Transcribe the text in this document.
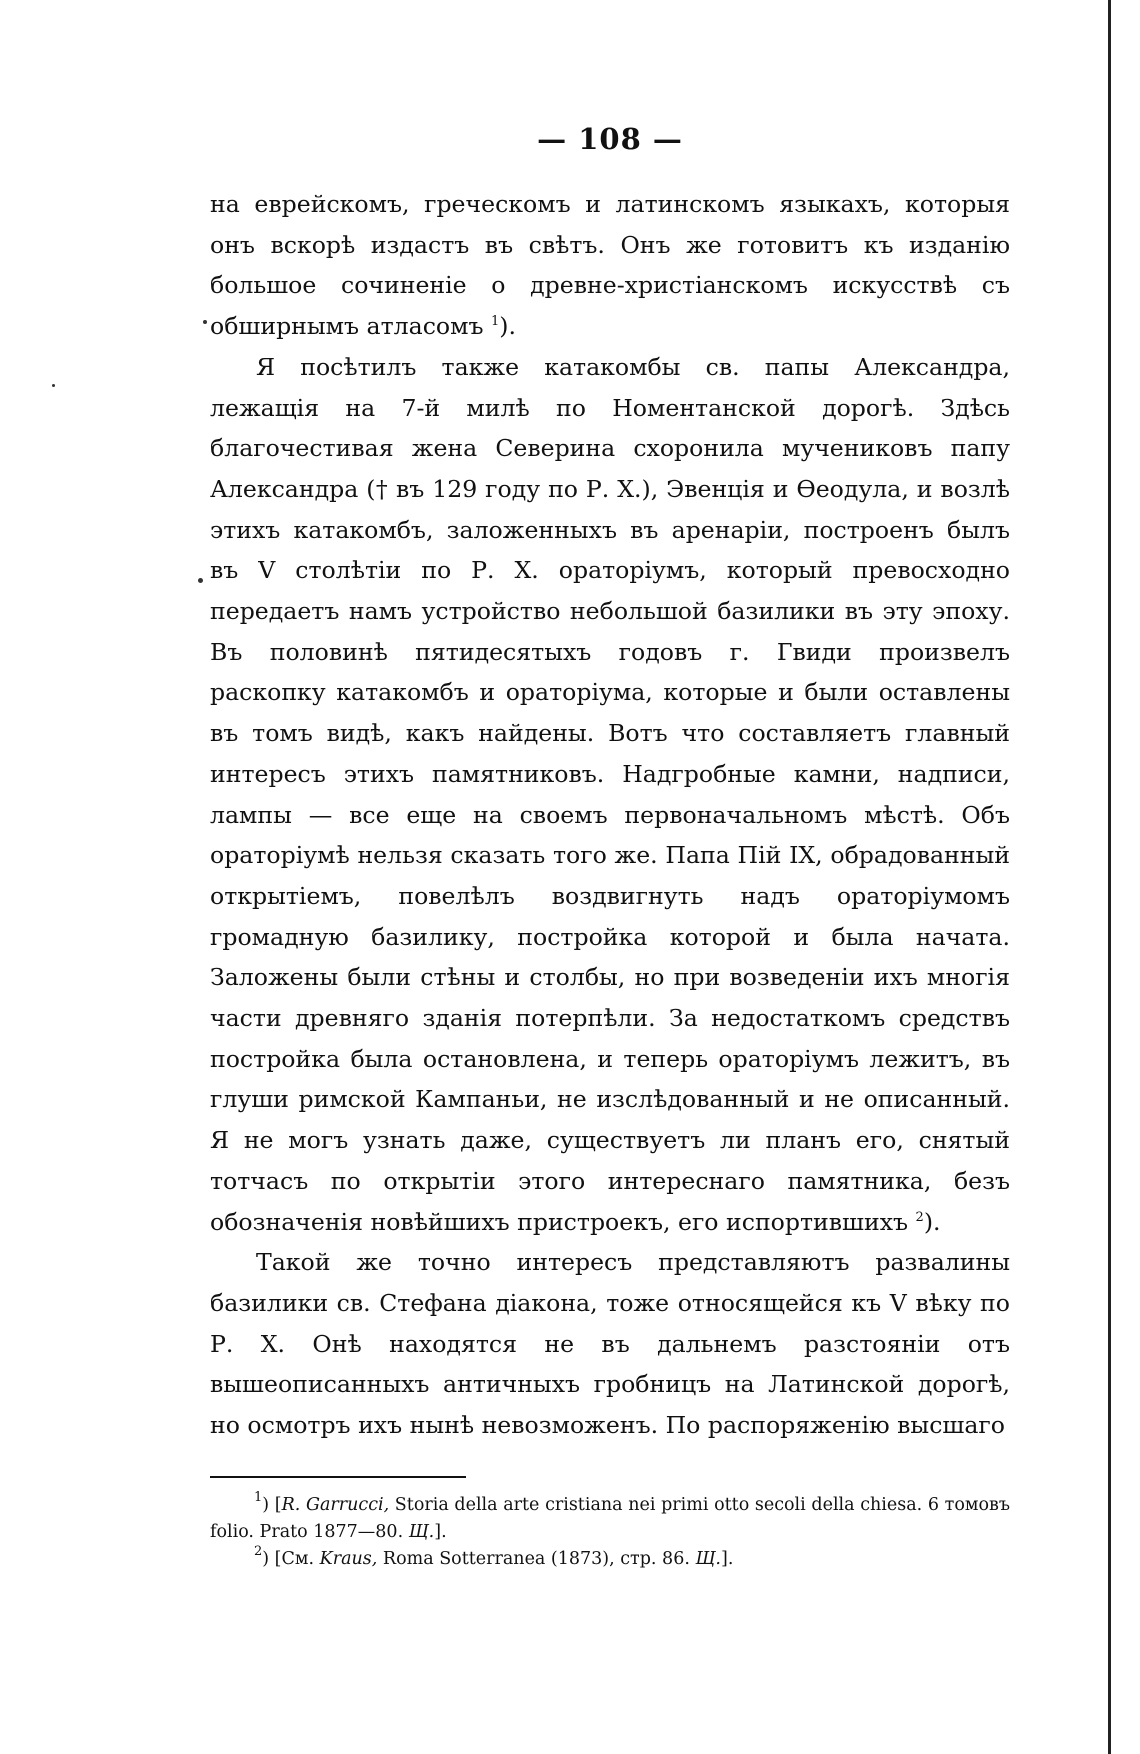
— 108 —

на еврейскомъ, греческомъ и латинскомъ языкахъ, которыя онъ вскорѣ издастъ въ свѣтъ. Онъ же готовитъ къ изданію большое сочиненіе о древне-христіанскомъ искусствѣ съ обширнымъ атласомъ $^1$).

Я посѣтилъ также катакомбы св. папы Александра, лежащія на 7-й милѣ по Номентанской дорогѣ. Здѣсь благочестивая жена Северина схоронила мучениковъ папу Александра († въ 129 году по Р. Х.), Эвенція и Ѳеодула, и возлѣ этихъ катакомбъ, заложенныхъ въ аренаріи, построенъ былъ въ V столѣтіи по Р. Х. ораторіумъ, который превосходно передаетъ намъ устройство небольшой базилики въ эту эпоху. Въ половинѣ пятидесятыхъ годовъ г. Гвиди произвелъ раскопку катакомбъ и ораторіума, которые и были оставлены въ томъ видѣ, какъ найдены. Вотъ что составляетъ главный интересъ этихъ памятниковъ. Надгробные камни, надписи, лампы — все еще на своемъ первоначальномъ мѣстѣ. Объ ораторіумѣ нельзя сказать того же. Папа Пій IX, обрадованный открытіемъ, повелѣлъ воздвигнуть надъ ораторіумомъ громадную базилику, постройка которой и была начата. Заложены были стѣны и столбы, но при возведеніи ихъ многія части древняго зданія потерпѣли. За недостаткомъ средствъ постройка была остановлена, и теперь ораторіумъ лежитъ, въ глуши римской Кампаньи, не изслѣдованный и не описанный. Я не могъ узнать даже, существуетъ ли планъ его, снятый тотчасъ по открытіи этого интереснаго памятника, безъ обозначенія новѣйшихъ пристроекъ, его испортившихъ $^2$).

Такой же точно интересъ представляютъ развалины базилики св. Стефана діакона, тоже относящейся къ V вѣку по Р. Х. Онѣ находятся не въ дальнемъ разстояніи отъ вышеописанныхъ античныхъ гробницъ на Латинской дорогѣ, но осмотръ ихъ нынѣ невозможенъ. По распоряженію высшаго

$^1$) [R. Garrucci, Storia della arte cristiana nei primi otto secoli della chiesa. 6 томовъ folio. Prato 1877—80. Щ.].

$^2$) [См. Kraus, Roma Sotterranea (1873), стр. 86. Щ.].
